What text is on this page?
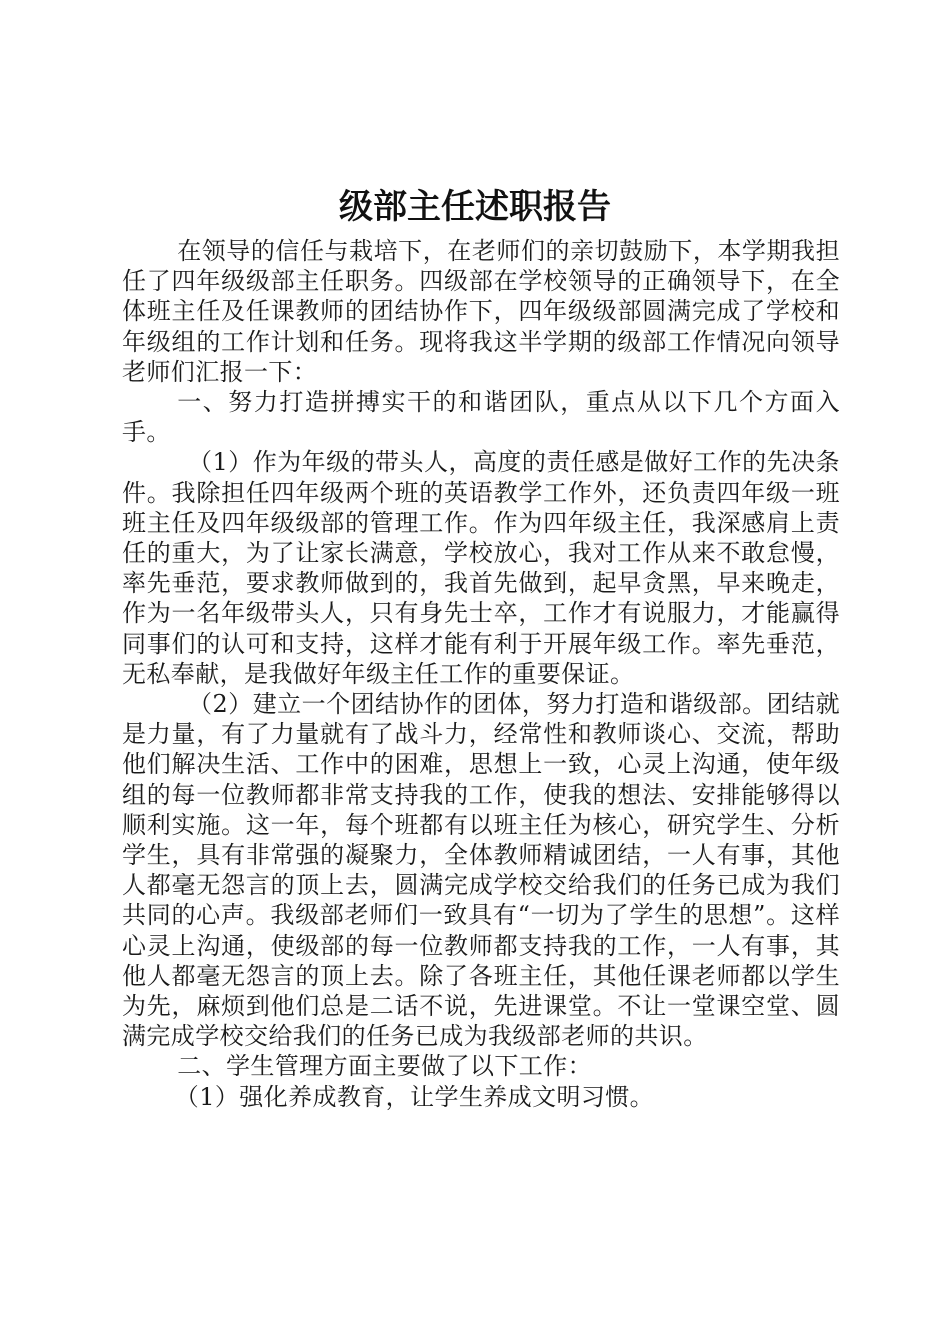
级部主任述职报告

在领导的信任与栽培下，在老师们的亲切鼓励下，本学期我担任了四年级级部主任职务。四级部在学校领导的正确领导下，在全体班主任及任课教师的团结协作下，四年级级部圆满完成了学校和年级组的工作计划和任务。现将我这半学期的级部工作情况向领导老师们汇报一下：

一、努力打造拼搏实干的和谐团队，重点从以下几个方面入手。

（1）作为年级的带头人，高度的责任感是做好工作的先决条件。我除担任四年级两个班的英语教学工作外，还负责四年级一班班主任及四年级级部的管理工作。作为四年级主任，我深感肩上责任的重大，为了让家长满意，学校放心，我对工作从来不敢怠慢，率先垂范，要求教师做到的，我首先做到，起早贪黑，早来晚走，作为一名年级带头人，只有身先士卒，工作才有说服力，才能赢得同事们的认可和支持，这样才能有利于开展年级工作。率先垂范，无私奉献，是我做好年级主任工作的重要保证。

（2）建立一个团结协作的团体，努力打造和谐级部。团结就是力量，有了力量就有了战斗力，经常性和教师谈心、交流，帮助他们解决生活、工作中的困难，思想上一致，心灵上沟通，使年级组的每一位教师都非常支持我的工作，使我的想法、安排能够得以顺利实施。这一年，每个班都有以班主任为核心，研究学生、分析学生，具有非常强的凝聚力，全体教师精诚团结，一人有事，其他人都毫无怨言的顶上去，圆满完成学校交给我们的任务已成为我们共同的心声。我级部老师们一致具有“一切为了学生的思想”。这样心灵上沟通，使级部的每一位教师都支持我的工作，一人有事，其他人都毫无怨言的顶上去。除了各班主任，其他任课老师都以学生为先，麻烦到他们总是二话不说，先进课堂。不让一堂课空堂、圆满完成学校交给我们的任务已成为我级部老师的共识。

二、学生管理方面主要做了以下工作：

（1）强化养成教育，让学生养成文明习惯。
